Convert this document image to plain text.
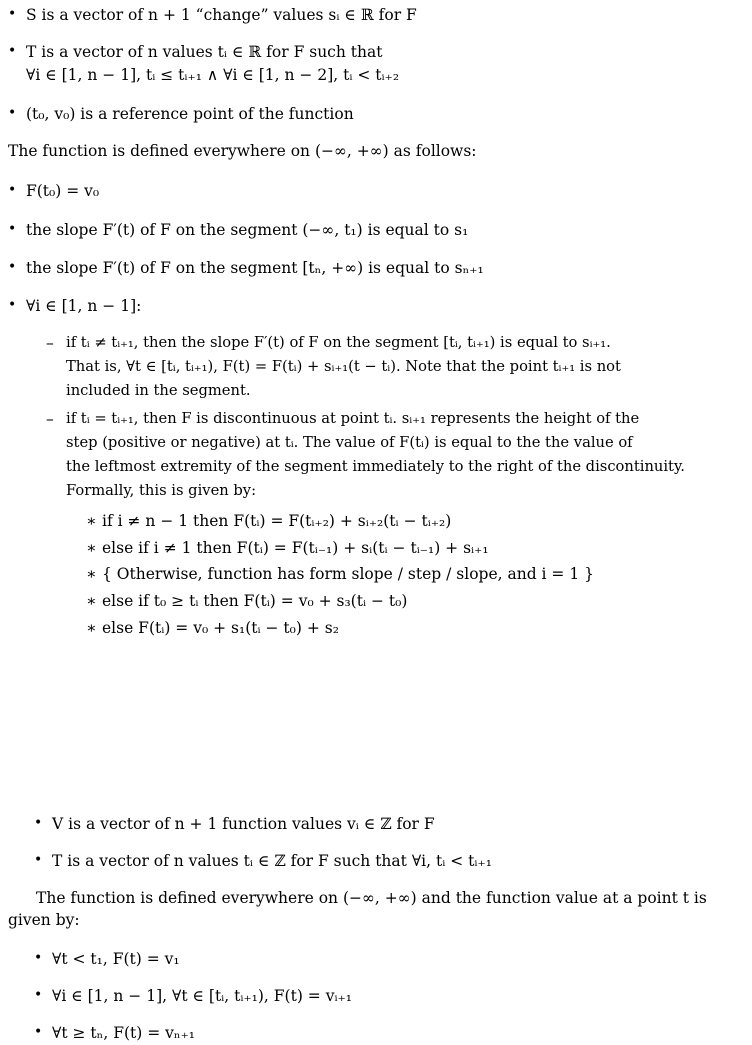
• S is a vector of n + 1 “change” values sᵢ ∈ ℝ for F
• T is a vector of n values tᵢ ∈ ℝ for F such that
∀i ∈ [1, n − 1], tᵢ ≤ tᵢ₊₁ ∧ ∀i ∈ [1, n − 2], tᵢ < tᵢ₊₂
• (t₀, v₀) is a reference point of the function
The function is defined everywhere on (−∞, +∞) as follows:
• F(t₀) = v₀
• the slope F′(t) of F on the segment (−∞, t₁) is equal to s₁
• the slope F′(t) of F on the segment [tₙ, +∞) is equal to sₙ₊₁
• ∀i ∈ [1, n − 1]:
– if tᵢ ≠ tᵢ₊₁, then the slope F′(t) of F on the segment [tᵢ, tᵢ₊₁) is equal to sᵢ₊₁.
That is, ∀t ∈ [tᵢ, tᵢ₊₁), F(t) = F(tᵢ) + sᵢ₊₁(t − tᵢ). Note that the point tᵢ₊₁ is not
included in the segment.
– if tᵢ = tᵢ₊₁, then F is discontinuous at point tᵢ. sᵢ₊₁ represents the height of the
step (positive or negative) at tᵢ. The value of F(tᵢ) is equal to the the value of
the leftmost extremity of the segment immediately to the right of the discontinuity.
Formally, this is given by:
∗ if i ≠ n − 1 then F(tᵢ) = F(tᵢ₊₂) + sᵢ₊₂(tᵢ − tᵢ₊₂)
∗ else if i ≠ 1 then F(tᵢ) = F(tᵢ₋₁) + sᵢ(tᵢ − tᵢ₋₁) + sᵢ₊₁
∗ { Otherwise, function has form slope / step / slope, and i = 1 }
∗ else if t₀ ≥ tᵢ then F(tᵢ) = v₀ + s₃(tᵢ − t₀)
∗ else F(tᵢ) = v₀ + s₁(tᵢ − t₀) + s₂
• V is a vector of n + 1 function values vᵢ ∈ ℤ for F
• T is a vector of n values tᵢ ∈ ℤ for F such that ∀i, tᵢ < tᵢ₊₁
The function is defined everywhere on (−∞, +∞) and the function value at a point t is
given by:
• ∀t < t₁, F(t) = v₁
• ∀i ∈ [1, n − 1], ∀t ∈ [tᵢ, tᵢ₊₁), F(t) = vᵢ₊₁
• ∀t ≥ tₙ, F(t) = vₙ₊₁
